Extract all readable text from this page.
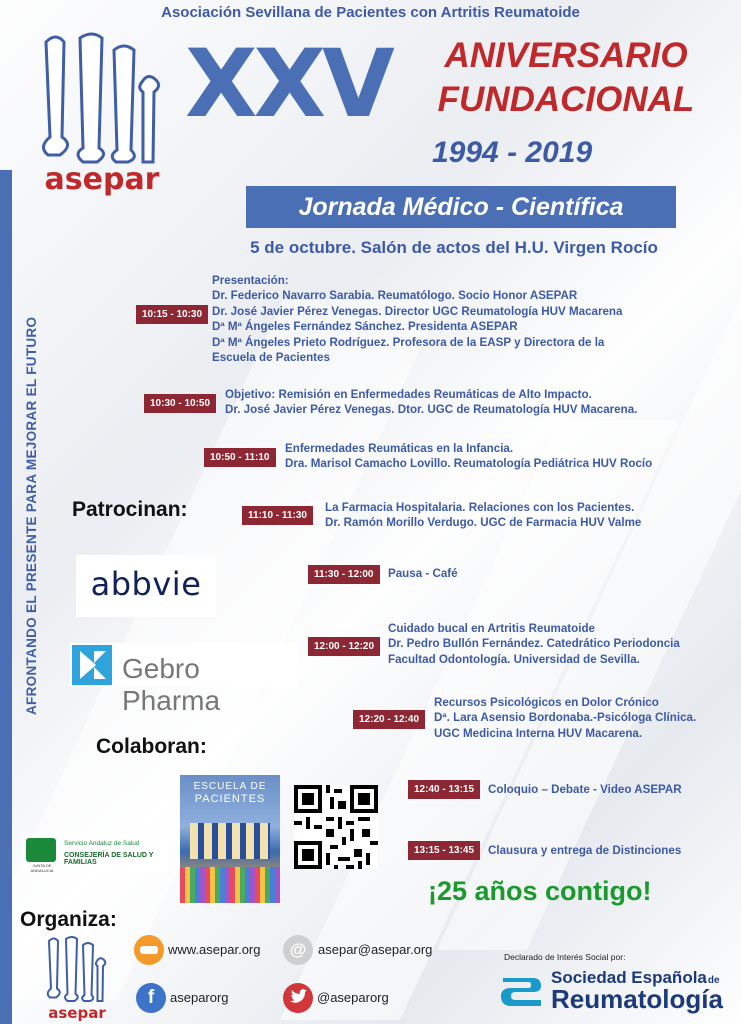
AFRONTANDO EL PRESENTE PARA MEJORAR EL FUTURO
Asociación Sevillana de Pacientes con Artritis Reumatoide
asepar
XXV	ANIVERSARIO
FUNDACIONAL
1994 - 2019
Jornada Médico - Científica
5 de octubre. Salón de actos del H.U. Virgen Rocío
10:15 - 10:30
Presentación:
Dr. Federico Navarro Sarabia. Reumatólogo. Socio Honor ASEPAR
Dr. José Javier Pérez Venegas. Director UGC Reumatología HUV Macarena
Dª Mª Ángeles Fernández Sánchez. Presidenta ASEPAR
Dª Mª Ángeles Prieto Rodríguez. Profesora de la EASP y Directora de la
Escuela de Pacientes
10:30 - 10:50
Objetivo: Remisión en Enfermedades Reumáticas de Alto Impacto.
Dr. José Javier Pérez Venegas. Dtor. UGC de Reumatología HUV Macarena.
10:50 - 11:10
Enfermedades Reumáticas en la Infancia.
Dra. Marisol Camacho Lovillo. Reumatología Pediátrica HUV Rocío
Patrocinan:	11:10 - 11:30
La Farmacia Hospitalaria. Relaciones con los Pacientes.
Dr. Ramón Morillo Verdugo. UGC de Farmacia HUV Valme
abbvie	11:30 - 12:00	Pausa - Café
Gebro Pharma
12:00 - 12:20
Cuidado bucal en Artritis Reumatoide
Dr. Pedro Bullón Fernández. Catedrático Periodoncia
Facultad Odontología. Universidad de Sevilla.
12:20 - 12:40
Recursos Psicológicos en Dolor Crónico
Dª. Lara Asensio Bordonaba.-Psicóloga Clínica.
UGC Medicina Interna HUV Macarena.
Colaboran:
JUNTA DE ANDALUCIA
Servicio Andaluz de Salud
CONSEJERÍA DE SALUD Y FAMILIAS
ESCUELA DE
PACIENTES
12:40 - 13:15	Coloquio – Debate - Video ASEPAR
13:15 - 13:45	Clausura y entrega de Distinciones
¡25 años contigo!
Organiza:
asepar
www.asepar.org	@ asepar@asepar.org
f	aseparorg	@aseparorg
Declarado de Interés Social por:
Sociedad Españolade
Reumatología
